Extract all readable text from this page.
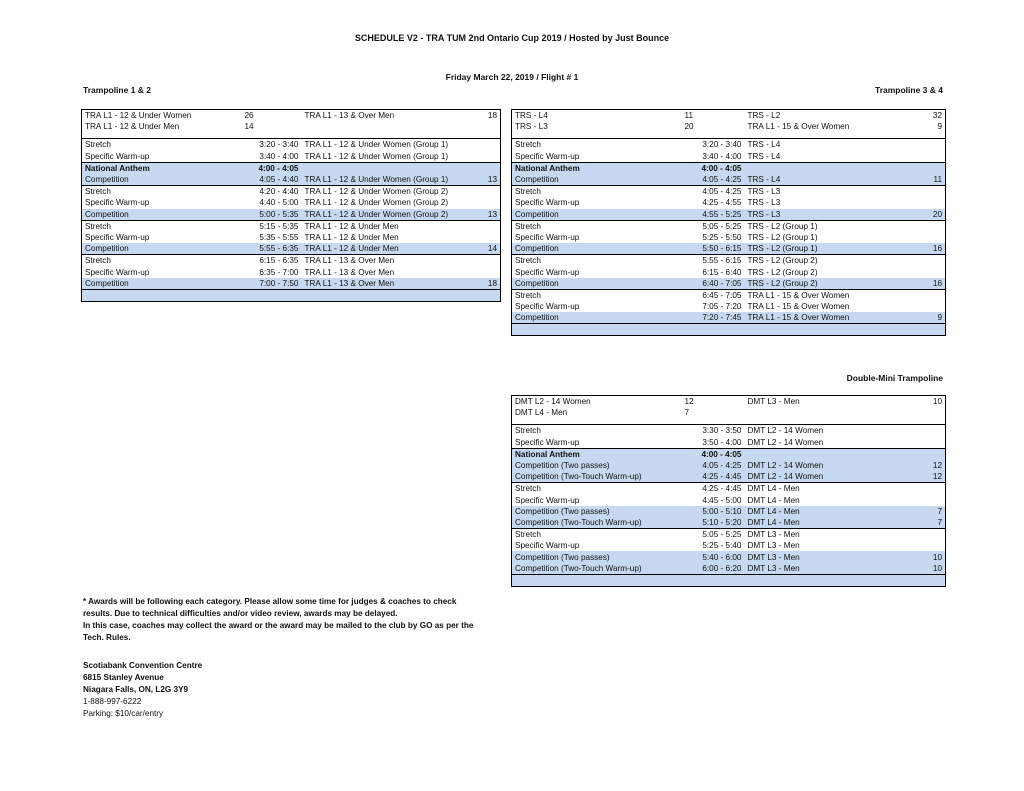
SCHEDULE V2 - TRA TUM 2nd Ontario Cup 2019 / Hosted by Just Bounce
Friday March 22, 2019 / Flight # 1
Trampoline 1 & 2	Trampoline 3 & 4
Double-Mini Trampoline
TRA L1 - 12 & Under Women	26	TRA L1 - 13 & Over Men	18
TRA L1 - 12 & Under Men	14		

Stretch	3:20 - 3:40	TRA L1 - 12 & Under Women (Group 1)	
Specific Warm-up	3:40 - 4:00	TRA L1 - 12 & Under Women (Group 1)	
National Anthem	4:00 - 4:05		
Competition	4:05 - 4:40	TRA L1 - 12 & Under Women (Group 1)	13
Stretch	4:20 - 4:40	TRA L1 - 12 & Under Women (Group 2)	
Specific Warm-up	4:40 - 5:00	TRA L1 - 12 & Under Women (Group 2)	
Competition	5:00 - 5:35	TRA L1 - 12 & Under Women (Group 2)	13
Stretch	5:15 - 5:35	TRA L1 - 12 & Under Men	
Specific Warm-up	5:35 - 5:55	TRA L1 - 12 & Under Men	
Competition	5:55 - 6:35	TRA L1 - 12 & Under Men	14
Stretch	6:15 - 6:35	TRA L1 - 13 & Over Men	
Specific Warm-up	6:35 - 7:00	TRA L1 - 13 & Over Men	
Competition	7:00 - 7:50	TRA L1 - 13 & Over Men	18

TRS - L4	11	TRS - L2	32
TRS - L3	20	TRA L1 - 15 & Over Women	9

Stretch	3:20 - 3:40	TRS - L4	
Specific Warm-up	3:40 - 4:00	TRS - L4	
National Anthem	4:00 - 4:05		
Competition	4:05 - 4:25	TRS - L4	11
Stretch	4:05 - 4:25	TRS - L3	
Specific Warm-up	4:25 - 4:55	TRS - L3	
Competition	4:55 - 5:25	TRS - L3	20
Stretch	5:05 - 5:25	TRS - L2 (Group 1)	
Specific Warm-up	5:25 - 5:50	TRS - L2 (Group 1)	
Competition	5:50 - 6:15	TRS - L2 (Group 1)	16
Stretch	5:55 - 6:15	TRS - L2 (Group 2)	
Specific Warm-up	6:15 - 6:40	TRS - L2 (Group 2)	
Competition	6:40 - 7:05	TRS - L2 (Group 2)	16
Stretch	6:45 - 7:05	TRA L1 - 15 & Over Women	
Specific Warm-up	7:05 - 7:20	TRA L1 - 15 & Over Women	
Competition	7:20 - 7:45	TRA L1 - 15 & Over Women	9

DMT L2 - 14 Women	12	DMT L3 - Men	10
DMT L4 - Men	7		

Stretch	3:30 - 3:50	DMT L2 - 14 Women	
Specific Warm-up	3:50 - 4:00	DMT L2 - 14 Women	
National Anthem	4:00 - 4:05		
Competition (Two passes)	4:05 - 4:25	DMT L2 - 14 Women	12
Competition (Two-Touch Warm-up)	4:25 - 4:45	DMT L2 - 14 Women	12
Stretch	4:25 - 4:45	DMT L4 - Men	
Specific Warm-up	4:45 - 5:00	DMT L4 - Men	
Competition (Two passes)	5:00 - 5:10	DMT L4 - Men	7
Competition (Two-Touch Warm-up)	5:10 - 5:20	DMT L4 - Men	7
Stretch	5:05 - 5:25	DMT L3 - Men	
Specific Warm-up	5:25 - 5:40	DMT L3 - Men	
Competition (Two passes)	5:40 - 6:00	DMT L3 - Men	10
Competition (Two-Touch Warm-up)	6:00 - 6:20	DMT L3 - Men	10

* Awards will be following each category. Please allow some time for judges & coaches to check
results. Due to technical difficulties and/or video review, awards may be delayed.
In this case, coaches may collect the award or the award may be mailed to the club by GO as per the
Tech. Rules.
Scotiabank Convention Centre
6815 Stanley Avenue
Niagara Falls, ON, L2G 3Y9
1-888-997-6222
Parking: $10/car/entry
